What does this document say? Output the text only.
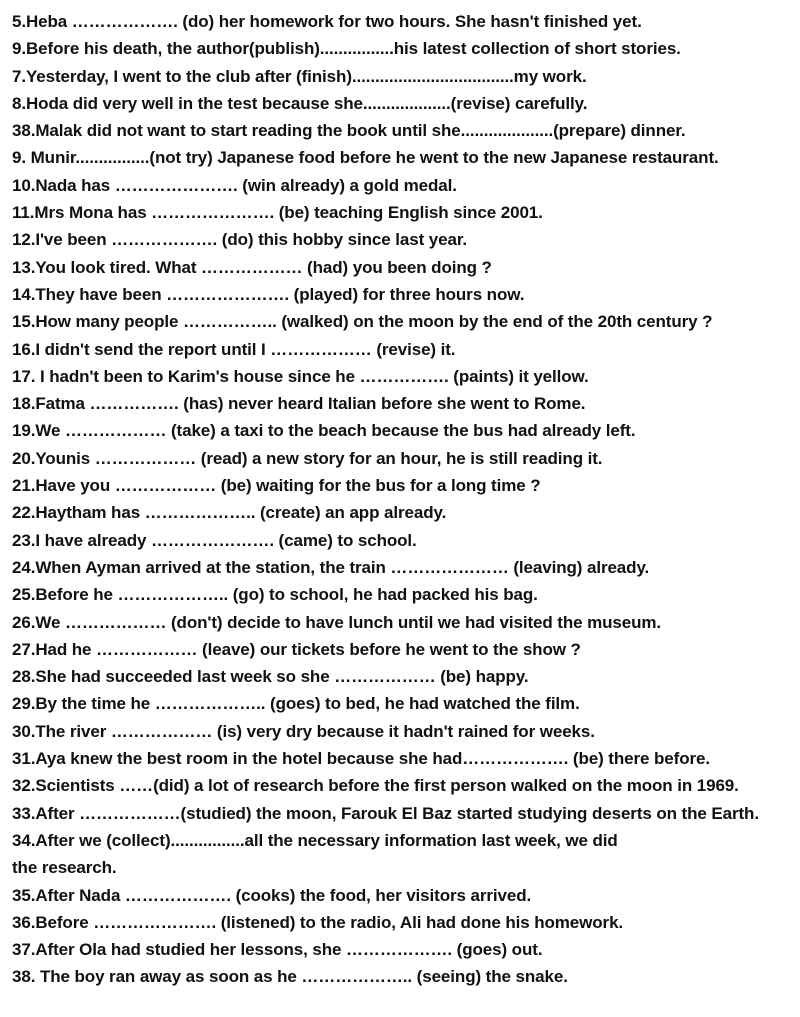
5.Heba ………………. (do) her homework for two hours. She hasn't finished yet.
9.Before his death, the author(publish)................his latest collection of short stories.
7.Yesterday, I went to the club after (finish)...................................my work.
8.Hoda did very well in the test because she...................(revise) carefully.
38.Malak did not want to start reading the book until she....................(prepare) dinner.
9. Munir................(not try) Japanese food before he went to the new Japanese restaurant.
10.Nada has …………………. (win already) a gold medal.
11.Mrs Mona has …………………. (be) teaching English since 2001.
12.I've been ………………. (do) this hobby since last year.
13.You look tired. What ……………… (had) you been doing ?
14.They have been …………………. (played) for three hours now.
15.How many people …………….. (walked) on the moon by the end of the 20th century ?
16.I didn't send the report until I ……………… (revise) it.
17. I hadn't been to Karim's house since he ……………. (paints) it yellow.
18.Fatma ……………. (has) never heard Italian before she went to Rome.
19.We ……………… (take) a taxi to the beach because the bus had already left.
20.Younis ……………… (read) a new story for an hour, he is still reading it.
21.Have you ……………… (be) waiting for the bus for a long time ?
22.Haytham has ……………….. (create) an app already.
23.I have already …………………. (came) to school.
24.When Ayman arrived at the station, the train ………………… (leaving) already.
25.Before he ……………….. (go) to school, he had packed his bag.
26.We ……………… (don't) decide to have lunch until we had visited the museum.
27.Had he ……………… (leave) our tickets before he went to the show ?
28.She had succeeded last week so she ……………… (be) happy.
29.By the time he ……………….. (goes) to bed, he had watched the film.
30.The river ……………… (is) very dry because it hadn't rained for weeks.
31.Aya knew the best room in the hotel because she had………………. (be) there before.
32.Scientists ……(did) a lot of research before the first person walked on the moon in 1969.
33.After ………………(studied) the moon, Farouk El Baz started studying deserts on the Earth.
34.After we (collect)................all the necessary information last week, we did
the research.
35.After Nada ………………. (cooks) the food, her visitors arrived.
36.Before …………………. (listened) to the radio, Ali had done his homework.
37.After Ola had studied her lessons, she ………………. (goes) out.
38. The boy ran away as soon as he ……………….. (seeing) the snake.
